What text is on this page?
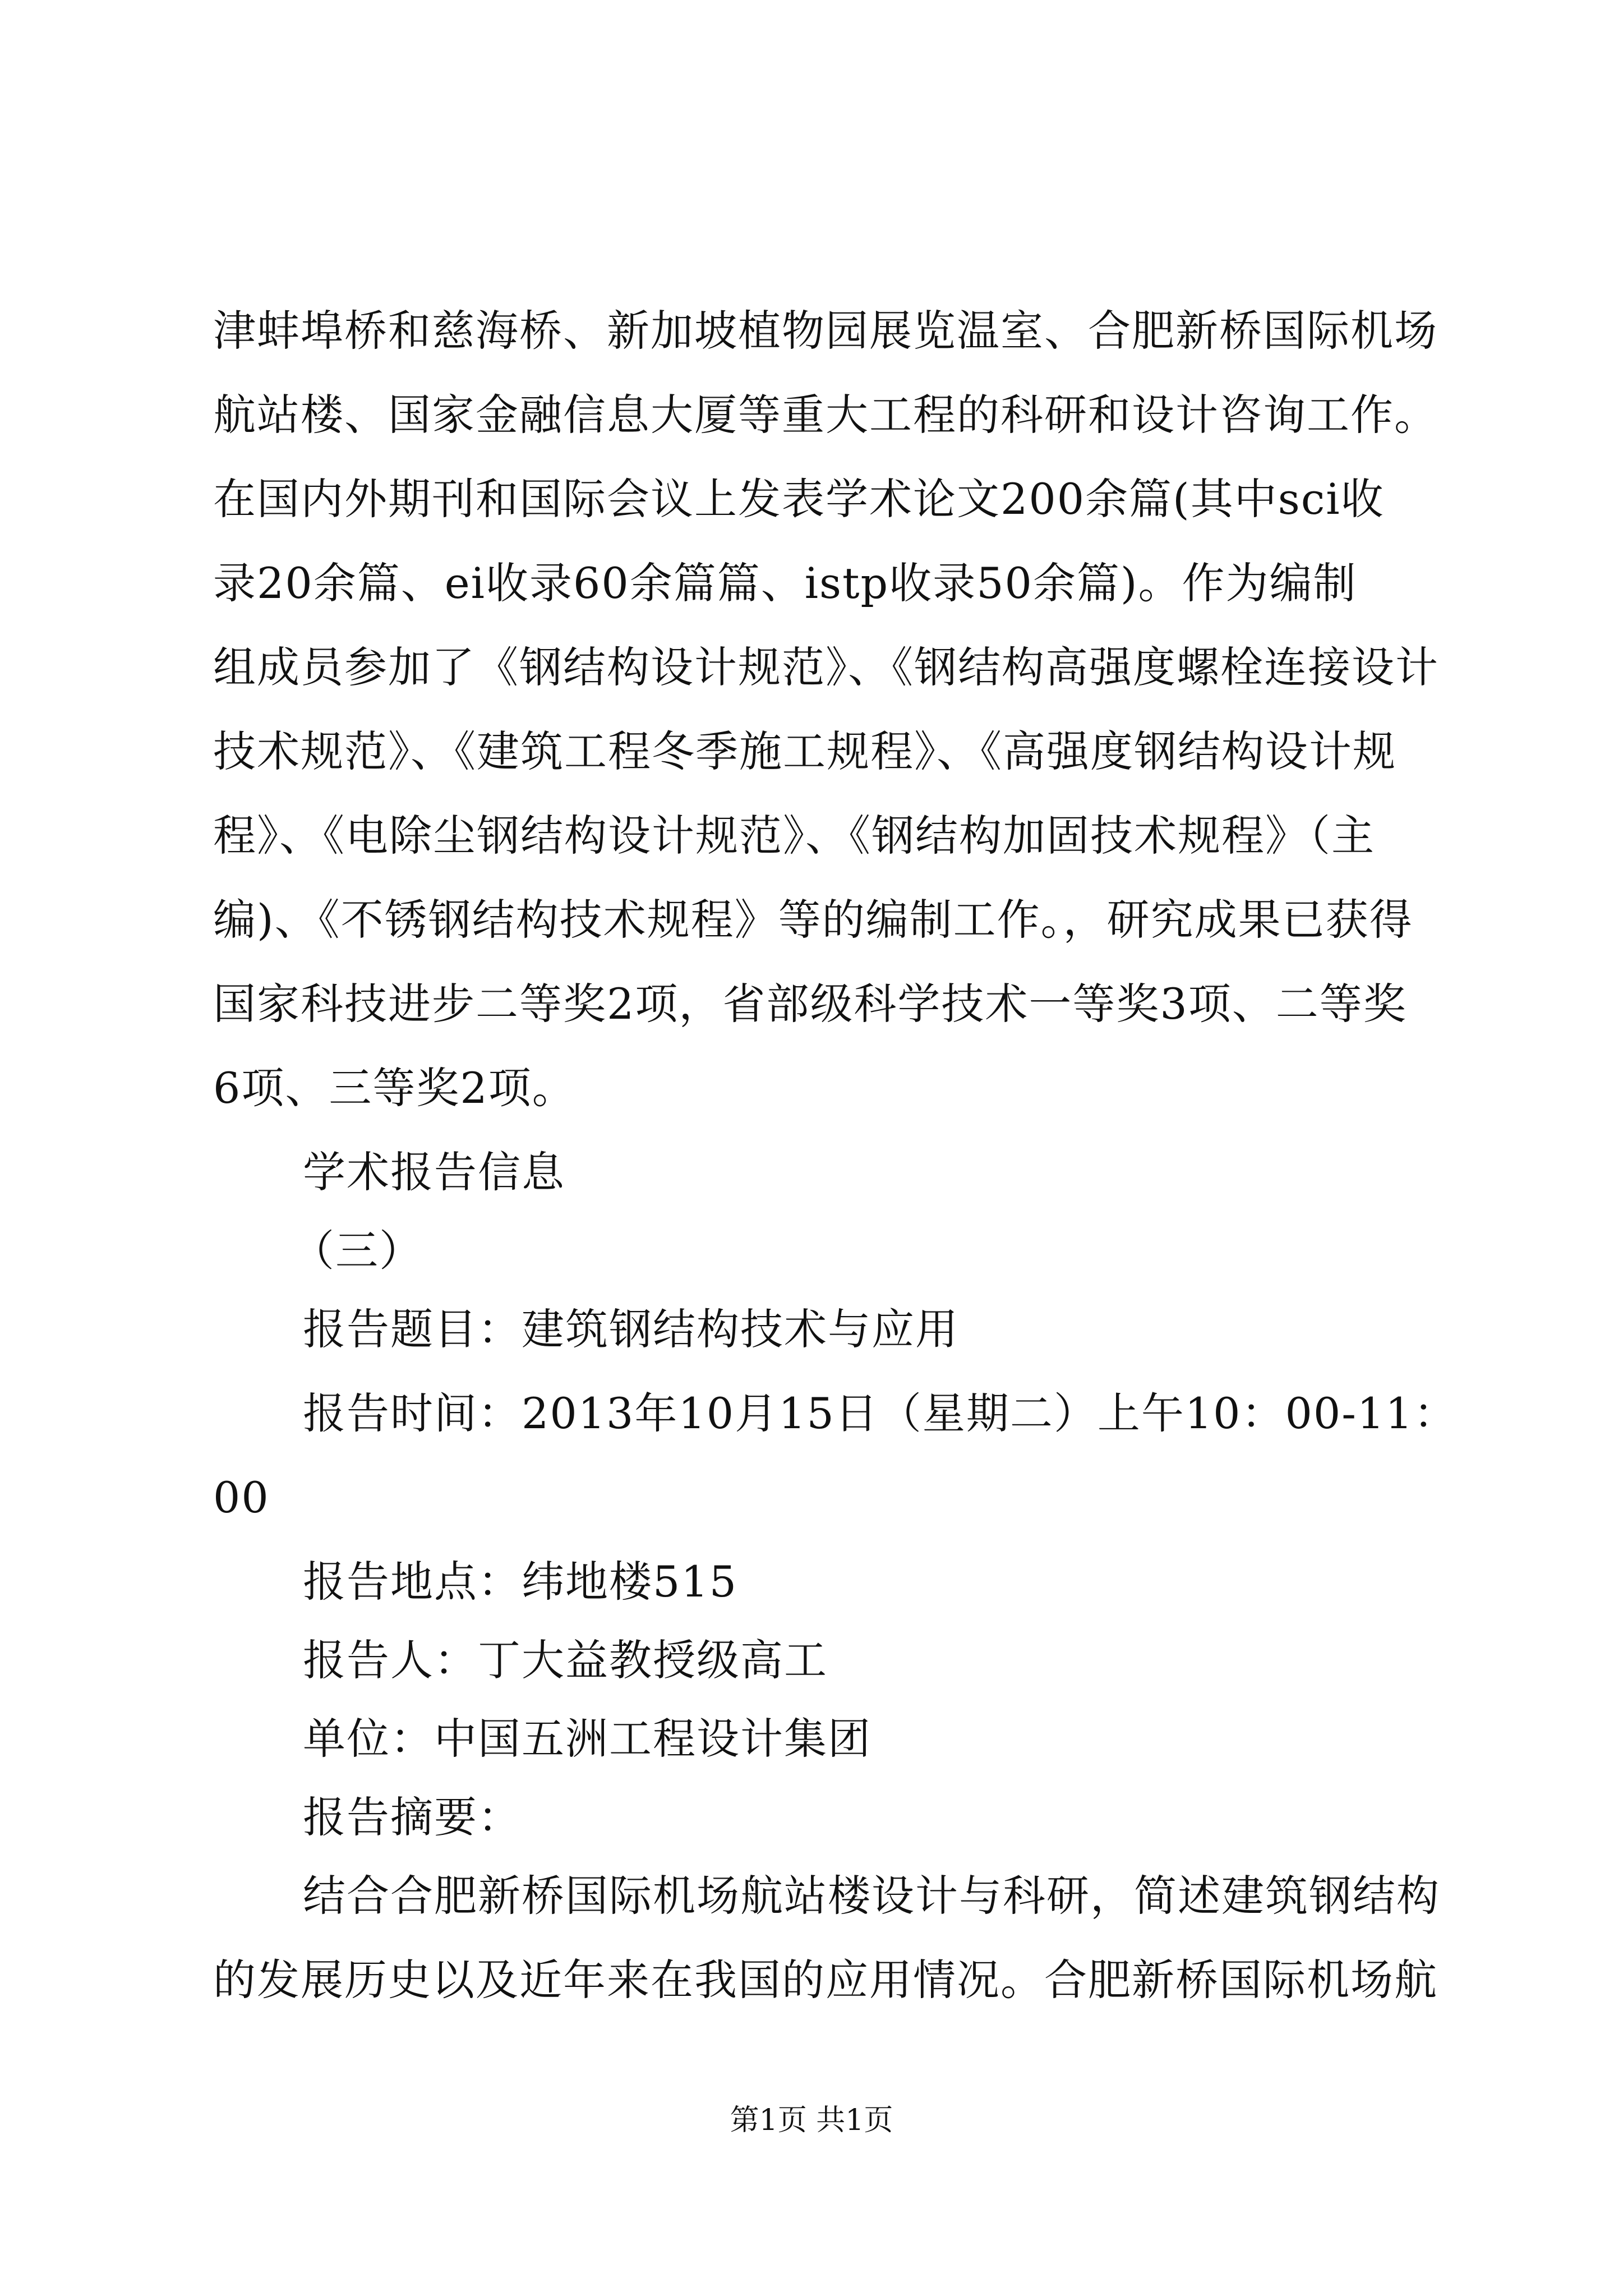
津蚌埠桥和慈海桥、新加坡植物园展览温室、合肥新桥国际机场
航站楼、国家金融信息大厦等重大工程的科研和设计咨询工作。
在国内外期刊和国际会议上发表学术论文200余篇(其中sci收
录20余篇、ei收录60余篇篇、istp收录50余篇)。作为编制
组成员参加了《钢结构设计规范》、《钢结构高强度螺栓连接设计
技术规范》、《建筑工程冬季施工规程》、《高强度钢结构设计规
程》、《电除尘钢结构设计规范》、《钢结构加固技术规程》（主
编)、《不锈钢结构技术规程》等的编制工作。，研究成果已获得
国家科技进步二等奖2项，省部级科学技术一等奖3项、二等奖
6项、三等奖2项。
学术报告信息
（三）
报告题目：建筑钢结构技术与应用
报告时间：2013年10月15日（星期二）上午10：00-11：
00
报告地点：纬地楼515
报告人：丁大益教授级高工
单位：中国五洲工程设计集团
报告摘要：
结合合肥新桥国际机场航站楼设计与科研，简述建筑钢结构
的发展历史以及近年来在我国的应用情况。合肥新桥国际机场航
第1页 共1页
